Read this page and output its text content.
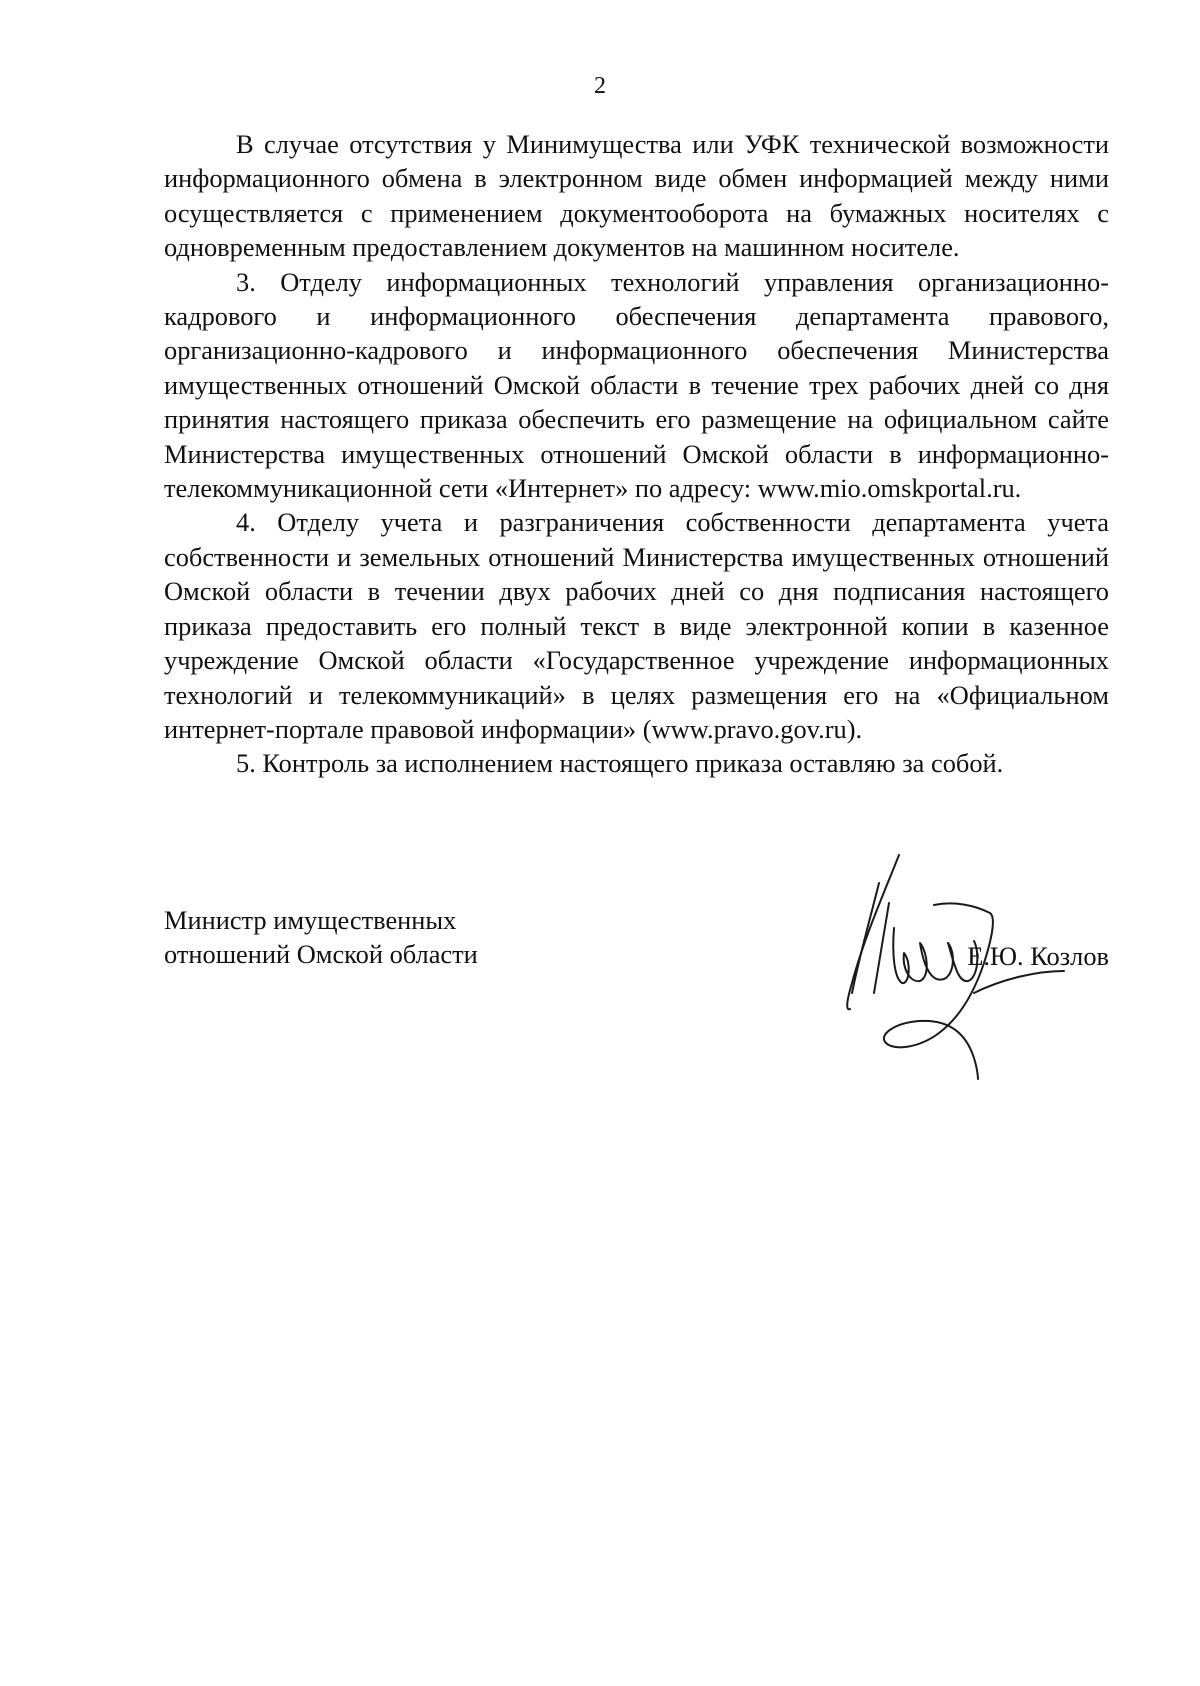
2

В случае отсутствия у Минимущества или УФК технической возможности информационного обмена в электронном виде обмен информацией между ними осуществляется с применением документооборота на бумажных носителях с одновременным предоставлением документов на машинном носителе.

3. Отделу информационных технологий управления организационно-кадрового и информационного обеспечения департамента правового, организационно-кадрового и информационного обеспечения Министерства имущественных отношений Омской области в течение трех рабочих дней со дня принятия настоящего приказа обеспечить его размещение на официальном сайте Министерства имущественных отношений Омской области в информационно-телекоммуникационной сети «Интернет» по адресу: www.mio.omskportal.ru.

4. Отделу учета и разграничения собственности департамента учета собственности и земельных отношений Министерства имущественных отношений Омской области в течении двух рабочих дней со дня подписания настоящего приказа предоставить его полный текст в виде электронной копии в казенное учреждение Омской области «Государственное учреждение информационных технологий и телекоммуникаций» в целях размещения его на «Официальном интернет-портале правовой информации» (www.pravo.gov.ru).

5. Контроль за исполнением настоящего приказа оставляю за собой.

Министр имущественных
отношений Омской области	Е.Ю. Козлов
